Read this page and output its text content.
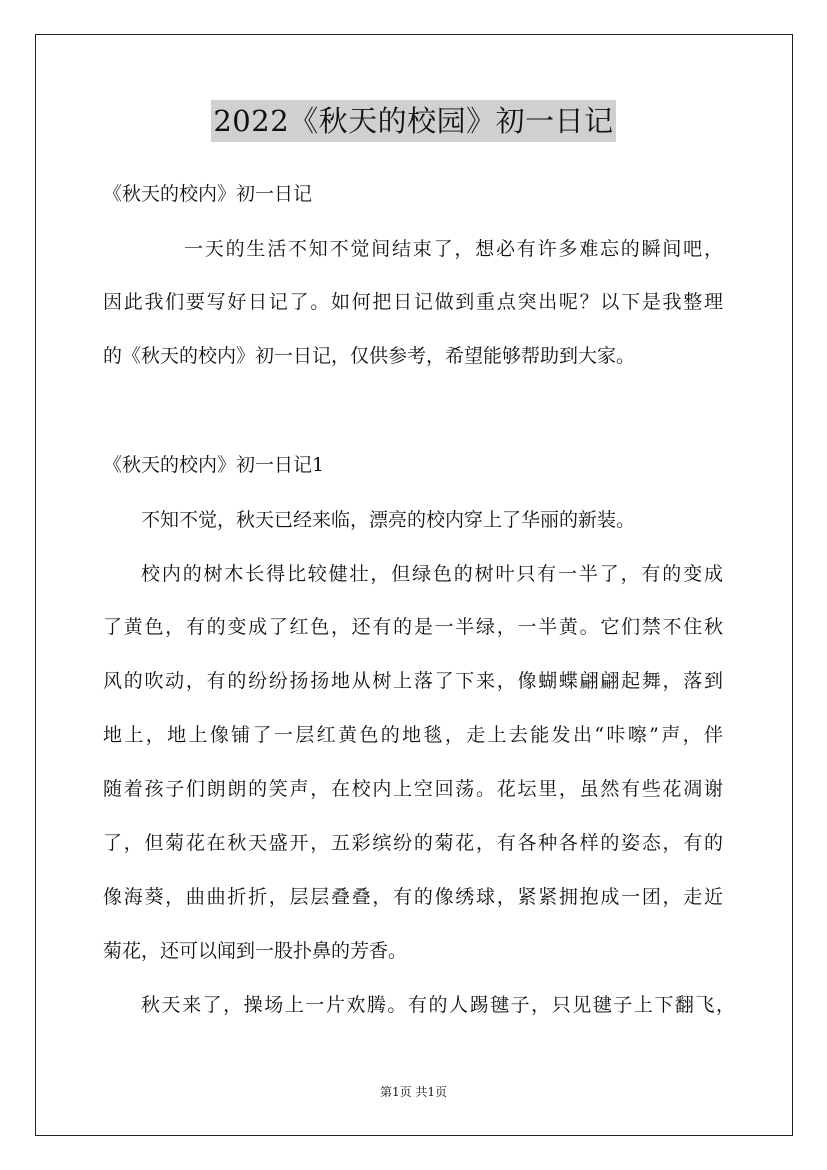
2022《秋天的校园》初一日记
《秋天的校内》初一日记
一天的生活不知不觉间结束了，想必有许多难忘的瞬间吧，
因此我们要写好日记了。如何把日记做到重点突出呢？以下是我整理
的《秋天的校内》初一日记，仅供参考，希望能够帮助到大家。
《秋天的校内》初一日记1
不知不觉，秋天已经来临，漂亮的校内穿上了华丽的新装。
校内的树木长得比较健壮，但绿色的树叶只有一半了，有的变成
了黄色，有的变成了红色，还有的是一半绿，一半黄。它们禁不住秋
风的吹动，有的纷纷扬扬地从树上落了下来，像蝴蝶翩翩起舞，落到
地上，地上像铺了一层红黄色的地毯，走上去能发出“咔嚓”声，伴
随着孩子们朗朗的笑声，在校内上空回荡。花坛里，虽然有些花凋谢
了，但菊花在秋天盛开，五彩缤纷的菊花，有各种各样的姿态，有的
像海葵，曲曲折折，层层叠叠，有的像绣球，紧紧拥抱成一团，走近
菊花，还可以闻到一股扑鼻的芳香。
秋天来了，操场上一片欢腾。有的人踢毽子，只见毽子上下翻飞，
第1页 共1页
